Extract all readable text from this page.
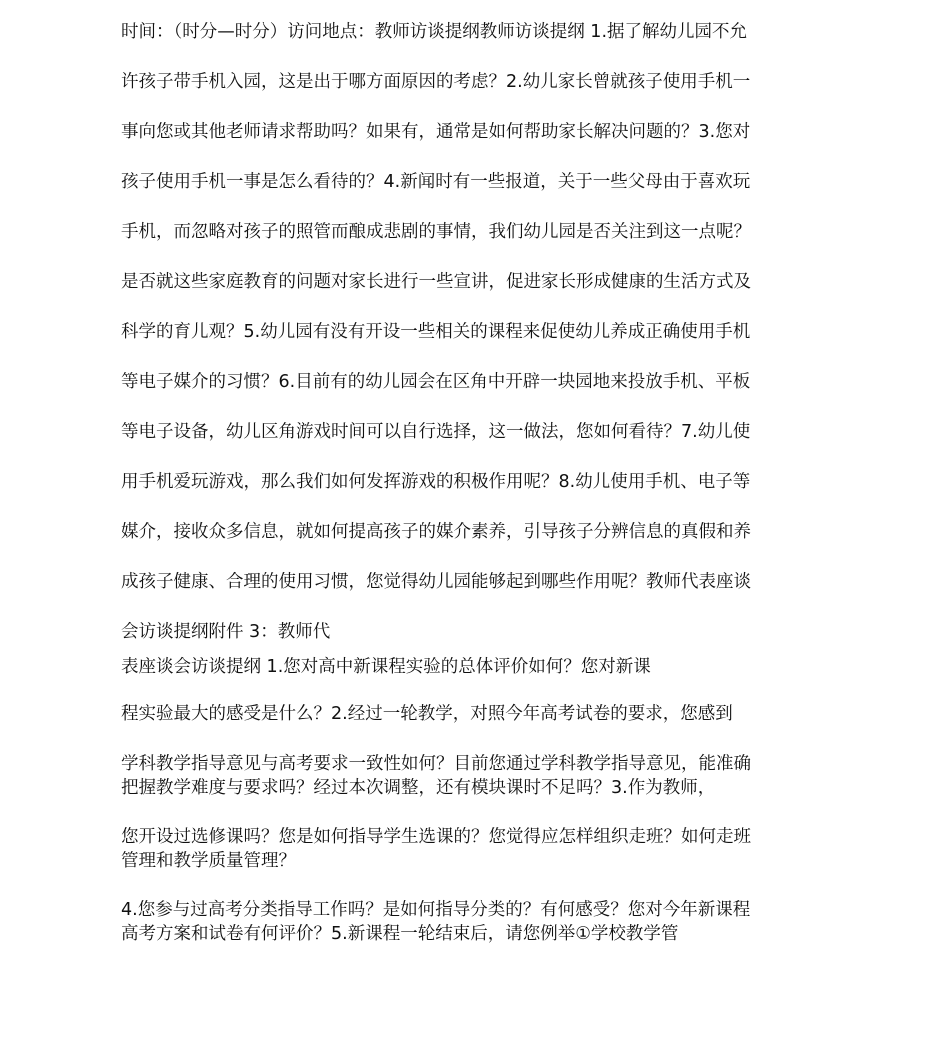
时间：（时分—时分）访问地点：教师访谈提纲教师访谈提纲 1.据了解幼儿园不允
许孩子带手机入园，这是出于哪方面原因的考虑？2.幼儿家长曾就孩子使用手机一
事向您或其他老师请求帮助吗？如果有，通常是如何帮助家长解决问题的？3.您对
孩子使用手机一事是怎么看待的？4.新闻时有一些报道，关于一些父母由于喜欢玩
手机，而忽略对孩子的照管而酿成悲剧的事情，我们幼儿园是否关注到这一点呢？
是否就这些家庭教育的问题对家长进行一些宣讲，促进家长形成健康的生活方式及
科学的育儿观？5.幼儿园有没有开设一些相关的课程来促使幼儿养成正确使用手机
等电子媒介的习惯？6.目前有的幼儿园会在区角中开辟一块园地来投放手机、平板
等电子设备，幼儿区角游戏时间可以自行选择，这一做法，您如何看待？7.幼儿使
用手机爱玩游戏，那么我们如何发挥游戏的积极作用呢？8.幼儿使用手机、电子等
媒介，接收众多信息，就如何提高孩子的媒介素养，引导孩子分辨信息的真假和养
成孩子健康、合理的使用习惯，您觉得幼儿园能够起到哪些作用呢？教师代表座谈
会访谈提纲附件 3：教师代
表座谈会访谈提纲 1.您对高中新课程实验的总体评价如何？您对新课
程实验最大的感受是什么？2.经过一轮教学，对照今年高考试卷的要求，您感到
学科教学指导意见与高考要求一致性如何？目前您通过学科教学指导意见，能准确
把握教学难度与要求吗？经过本次调整，还有模块课时不足吗？3.作为教师，
您开设过选修课吗？您是如何指导学生选课的？您觉得应怎样组织走班？如何走班
管理和教学质量管理？
4.您参与过高考分类指导工作吗？是如何指导分类的？有何感受？您对今年新课程
高考方案和试卷有何评价？5.新课程一轮结束后，请您例举①学校教学管
